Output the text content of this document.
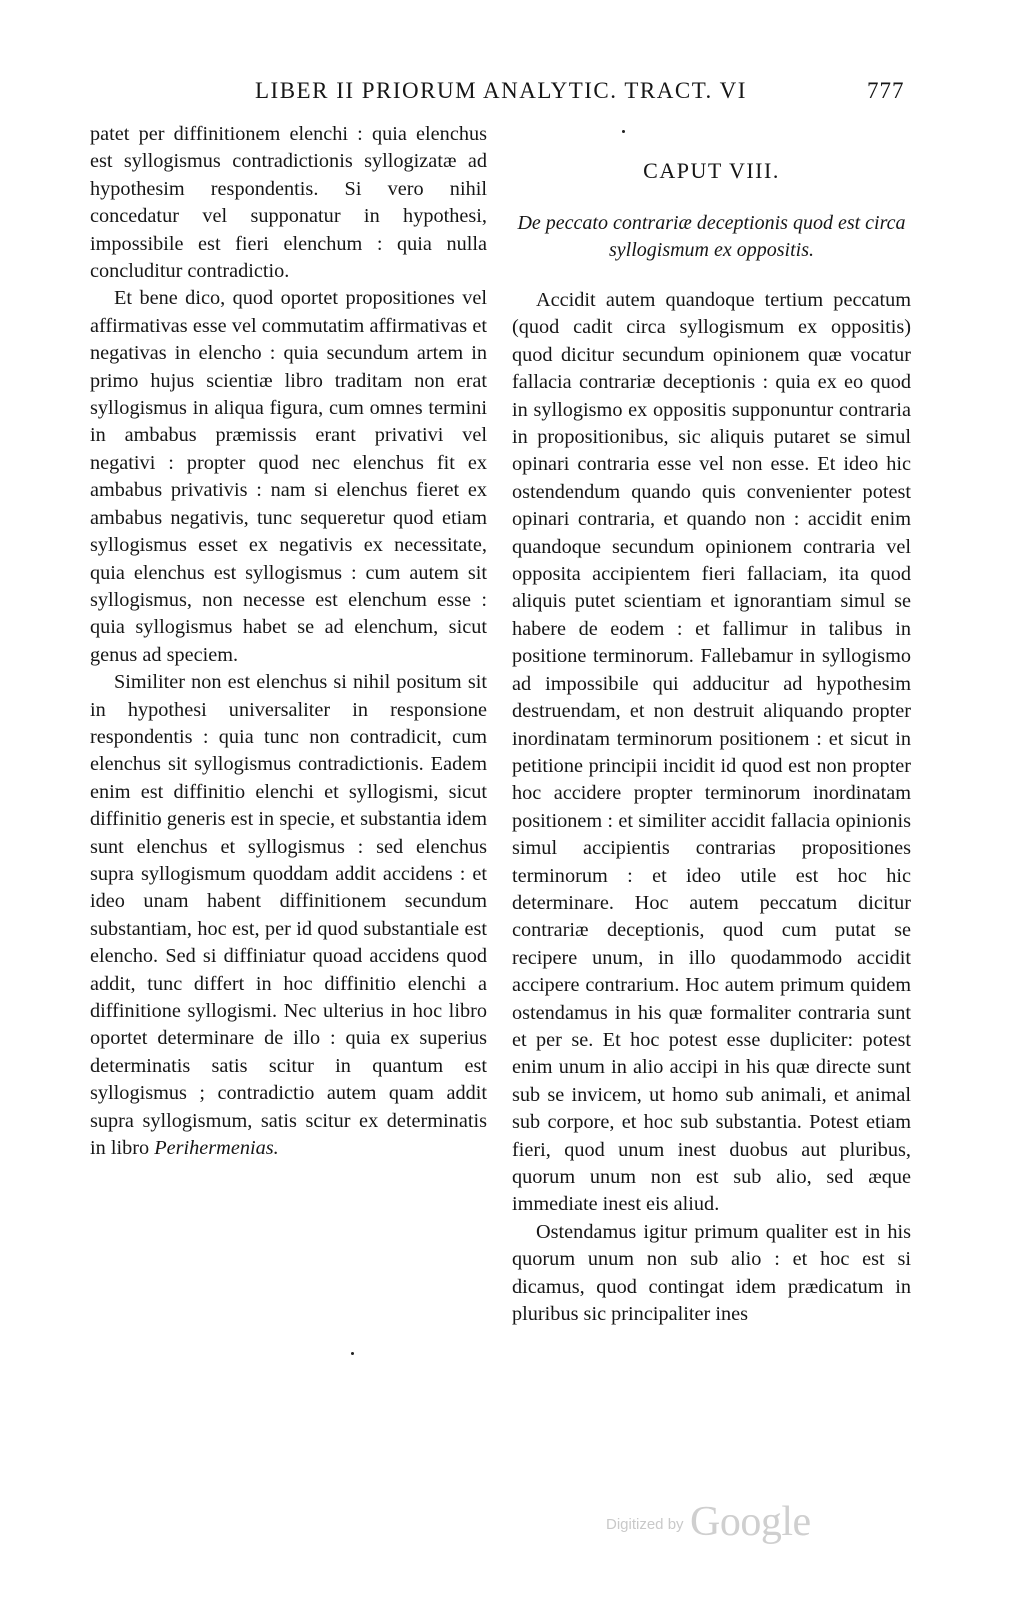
LIBER II PRIORUM ANALYTIC. TRACT. VI	777

patet per diffinitionem elenchi : quia elenchus est syllogismus contradictionis syllogizatæ ad hypothesim respondentis. Si vero nihil concedatur vel supponatur in hypothesi, impossibile est fieri elenchum : quia nulla concluditur contradictio.

Et bene dico, quod oportet propositiones vel affirmativas esse vel commutatim affirmativas et negativas in elencho : quia secundum artem in primo hujus scientiæ libro traditam non erat syllogismus in aliqua figura, cum omnes termini in ambabus præmissis erant privativi vel negativi : propter quod nec elenchus fit ex ambabus privativis : nam si elenchus fieret ex ambabus negativis, tunc sequeretur quod etiam syllogismus esset ex negativis ex necessitate, quia elenchus est syllogismus : cum autem sit syllogismus, non necesse est elenchum esse : quia syllogismus habet se ad elenchum, sicut genus ad speciem.

Similiter non est elenchus si nihil positum sit in hypothesi universaliter in responsione respondentis : quia tunc non contradicit, cum elenchus sit syllogismus contradictionis. Eadem enim est diffinitio elenchi et syllogismi, sicut diffinitio generis est in specie, et substantia idem sunt elenchus et syllogismus : sed elenchus supra syllogismum quoddam addit accidens : et ideo unam habent diffinitionem secundum substantiam, hoc est, per id quod substantiale est elencho. Sed si diffiniatur quoad accidens quod addit, tunc differt in hoc diffinitio elenchi a diffinitione syllogismi. Nec ulterius in hoc libro oportet determinare de illo : quia ex superius determinatis satis scitur in quantum est syllogismus ; contradictio autem quam addit supra syllogismum, satis scitur ex determinatis in libro Perihermenias.

CAPUT VIII.
De peccato contrariæ deceptionis quod est circa syllogismum ex oppositis.

Accidit autem quandoque tertium peccatum (quod cadit circa syllogismum ex oppositis) quod dicitur secundum opinionem quæ vocatur fallacia contrariæ deceptionis : quia ex eo quod in syllogismo ex oppositis supponuntur contraria in propositionibus, sic aliquis putaret se simul opinari contraria esse vel non esse. Et ideo hic ostendendum quando quis convenienter potest opinari contraria, et quando non : accidit enim quandoque secundum opinionem contraria vel opposita accipientem fieri fallaciam, ita quod aliquis putet scientiam et ignorantiam simul se habere de eodem : et fallimur in talibus in positione terminorum. Fallebamur in syllogismo ad impossibile qui adducitur ad hypothesim destruendam, et non destruit aliquando propter inordinatam terminorum positionem : et sicut in petitione principii incidit id quod est non propter hoc accidere propter terminorum inordinatam positionem : et similiter accidit fallacia opinionis simul accipientis contrarias propositiones terminorum : et ideo utile est hoc hic determinare. Hoc autem peccatum dicitur contrariæ deceptionis, quod cum putat se recipere unum, in illo quodammodo accidit accipere contrarium. Hoc autem primum quidem ostendamus in his quæ formaliter contraria sunt et per se. Et hoc potest esse dupliciter: potest enim unum in alio accipi in his quæ directe sunt sub se invicem, ut homo sub animali, et animal sub corpore, et hoc sub substantia. Potest etiam fieri, quod unum inest duobus aut pluribus, quorum unum non est sub alio, sed æque immediate inest eis aliud.

Ostendamus igitur primum qualiter est in his quorum unum non sub alio : et hoc est si dicamus, quod contingat idem prædicatum in pluribus sic principaliter ines

Digitized by Google
